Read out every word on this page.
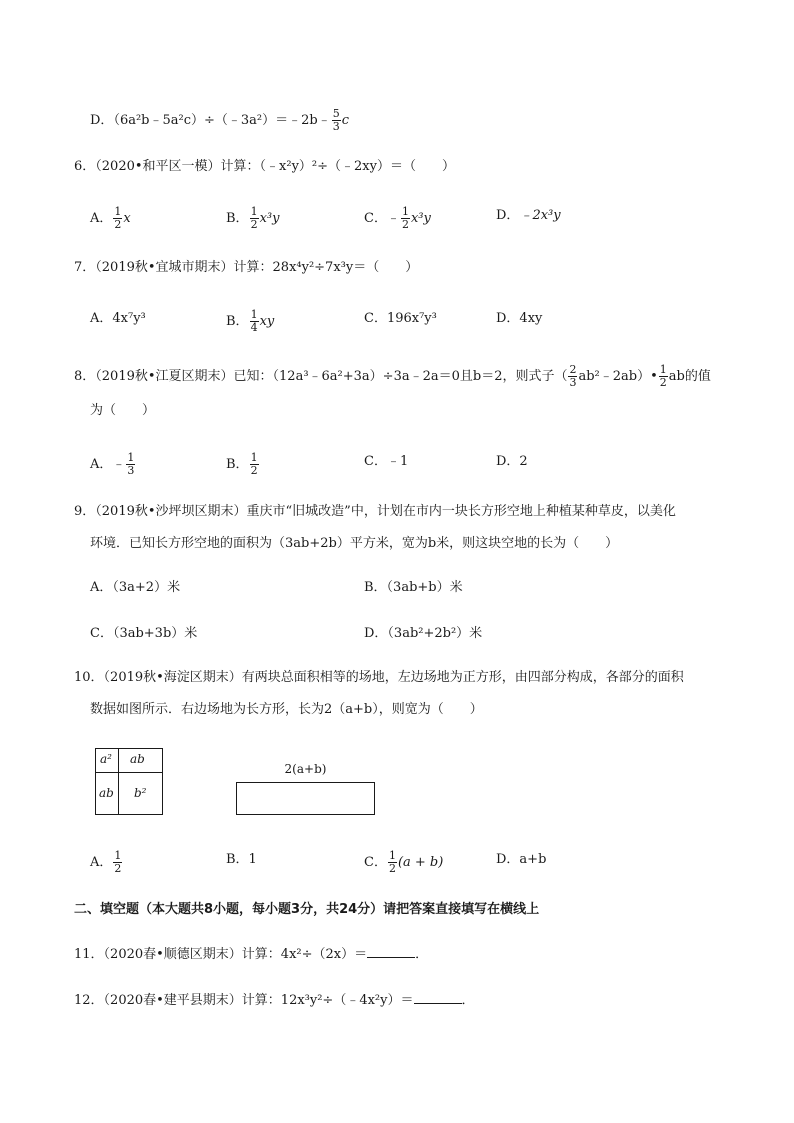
D．（6a²b﹣5a²c）÷（﹣3a²）＝﹣2b﹣ $\frac{5}{3}$ c
6．（2020•和平区一模）计算：（﹣x²y）²÷（﹣2xy）＝（　　）
A． $\frac{1}{2}$ x	B． $\frac{1}{2} x^3y$	C．﹣ $\frac{1}{2} x^3y$	D．﹣2x³y
7．（2019秋•宜城市期末）计算：28x⁴y²÷7x³y＝（　　）
A．4x⁷y³	B． $\frac{1}{4}$ xy	C．196x⁷y³	D．4xy
8．（2019秋•江夏区期末）已知：（12a³﹣6a²+3a）÷3a﹣2a＝0且b＝2，则式子（ $\frac{2}{3}$ ab²﹣2ab）• $\frac{1}{2}$ ab的值
为（　　）
A．﹣ $\frac{1}{3}$	B． $\frac{1}{2}$	C．﹣1	D．2
9．（2019秋•沙坪坝区期末）重庆市“旧城改造”中，计划在市内一块长方形空地上种植某种草皮，以美化
环境．已知长方形空地的面积为（3ab+2b）平方米，宽为b米，则这块空地的长为（　　）
A．（3a+2）米	B．（3ab+b）米
C．（3ab+3b）米	D．（3ab²+2b²）米
10．（2019秋•海淀区期末）有两块总面积相等的场地，左边场地为正方形，由四部分构成，各部分的面积
数据如图所示．右边场地为长方形，长为2（a+b），则宽为（　　）
a² ab
ab b²
2(a+b)
A． $\frac{1}{2}$	B．1	C． $\frac{1}{2} (a + b)$	D．a+b
二、填空题（本大题共8小题，每小题3分，共24分）请把答案直接填写在横线上
11．（2020春•顺德区期末）计算：4x²÷（2x）＝	．
12．（2020春•建平县期末）计算：12x³y²÷（﹣4x²y）＝	．
